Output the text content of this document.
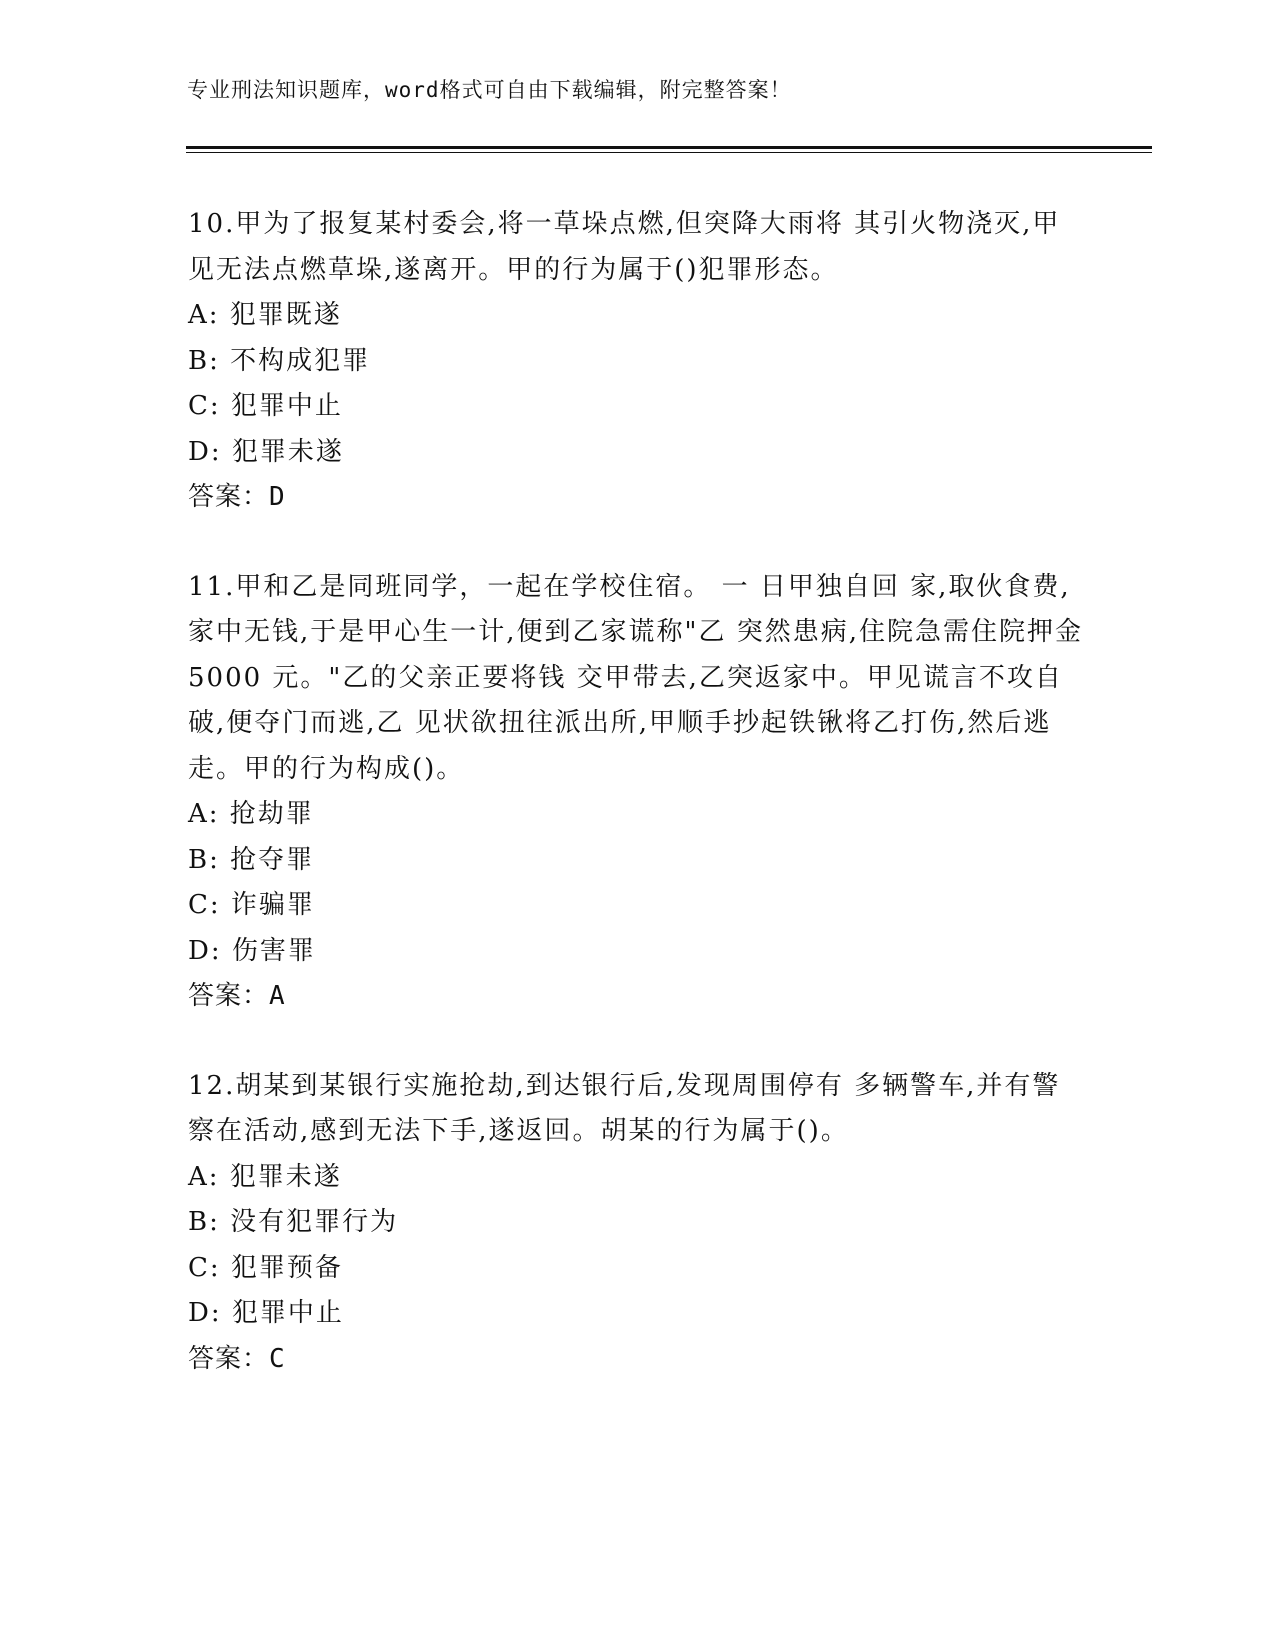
专业刑法知识题库，word格式可自由下载编辑，附完整答案！
10.甲为了报复某村委会,将一草垛点燃,但突降大雨将 其引火物浇灭,甲见无法点燃草垛,遂离开。甲的行为属于()犯罪形态。
A: 犯罪既遂
B: 不构成犯罪
C: 犯罪中止
D: 犯罪未遂
答案：D
11.甲和乙是同班同学，一起在学校住宿。 一 日甲独自回 家,取伙食费,家中无钱,于是甲心生一计,便到乙家谎称"乙 突然患病,住院急需住院押金5000 元。"乙的父亲正要将钱 交甲带去,乙突返家中。甲见谎言不攻自破,便夺门而逃,乙 见状欲扭往派出所,甲顺手抄起铁锹将乙打伤,然后逃走。甲的行为构成()。
A: 抢劫罪
B: 抢夺罪
C: 诈骗罪
D: 伤害罪
答案：A
12.胡某到某银行实施抢劫,到达银行后,发现周围停有 多辆警车,并有警察在活动,感到无法下手,遂返回。胡某的行为属于()。
A: 犯罪未遂
B: 没有犯罪行为
C: 犯罪预备
D: 犯罪中止
答案：C
